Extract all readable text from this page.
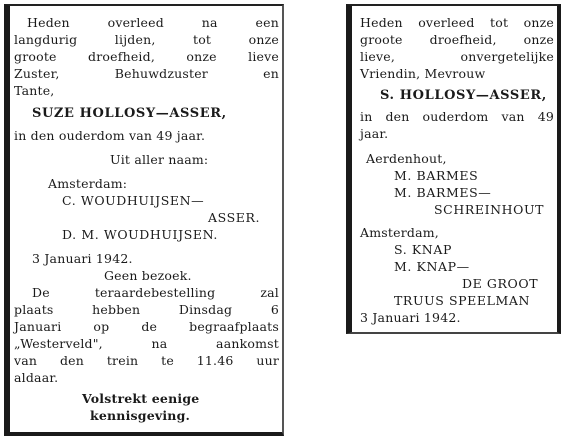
Heden overleed na een
langdurig lijden, tot onze
groote droefheid, onze lieve
Zuster, Behuwdzuster en
Tante,
SUZE HOLLOSY—ASSER,
in den ouderdom van 49 jaar.
Uit aller naam:
Amsterdam:
C. WOUDHUIJSEN—
ASSER.
D. M. WOUDHUIJSEN.
3 Januari 1942.
Geen bezoek.
De teraardebestelling zal
plaats hebben Dinsdag 6
Januari op de begraafplaats
„Westerveld", na aankomst
van den trein te 11.46 uur
aldaar.
Volstrekt eenige
kennisgeving.
Heden overleed tot onze
groote droefheid, onze
lieve, onvergetelijke
Vriendin, Mevrouw
S. HOLLOSY—ASSER,
in den ouderdom van 49
jaar.
Aerdenhout,
M. BARMES
M. BARMES—
SCHREINHOUT
Amsterdam,
S. KNAP
M. KNAP—
DE GROOT
TRUUS SPEELMAN
3 Januari 1942.
